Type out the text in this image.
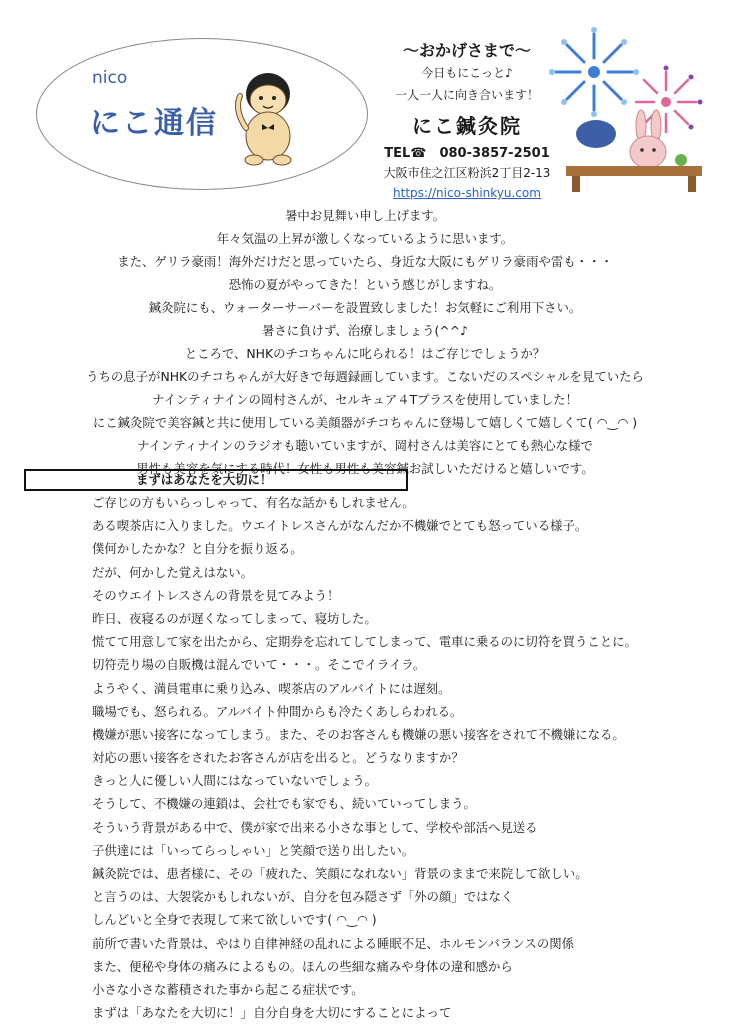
nico
にこ通信
〜おかげさまで〜
今日もにこっと♪
一人一人に向き合います！
にこ鍼灸院
TEL☎　080-3857-2501
大阪市住之江区粉浜2丁目2-13
https://nico-shinkyu.com
暑中お見舞い申し上げます。
年々気温の上昇が激しくなっているように思います。
また、ゲリラ豪雨！海外だけだと思っていたら、身近な大阪にもゲリラ豪雨や雷も・・・
恐怖の夏がやってきた！という感じがしますね。
鍼灸院にも、ウォーターサーバーを設置致しました！お気軽にご利用下さい。
暑さに負けず、治療しましょう(^^♪
ところで、NHKのチコちゃんに叱られる！はご存じでしょうか？
うちの息子がNHKのチコちゃんが大好きで毎週録画しています。こないだのスペシャルを見ていたら
ナインティナインの岡村さんが、セルキュア４Tプラスを使用していました！
にこ鍼灸院で美容鍼と共に使用している美顔器がチコちゃんに登場して嬉しくて嬉しくて( ◠‿◠ )
ナインティナインのラジオも聴いていますが、岡村さんは美容にとても熱心な様で
男性も美容を気にする時代！女性も男性も美容鍼お試しいただけると嬉しいです。
まずはあなたを大切に！
ご存じの方もいらっしゃって、有名な話かもしれません。
ある喫茶店に入りました。ウエイトレスさんがなんだか不機嫌でとても怒っている様子。
僕何かしたかな？と自分を振り返る。
だが、何かした覚えはない。
そのウエイトレスさんの背景を見てみよう！
昨日、夜寝るのが遅くなってしまって、寝坊した。
慌てて用意して家を出たから、定期券を忘れてしてしまって、電車に乗るのに切符を買うことに。
切符売り場の自販機は混んでいて・・・。そこでイライラ。
ようやく、満員電車に乗り込み、喫茶店のアルバイトには遅刻。
職場でも、怒られる。アルバイト仲間からも冷たくあしらわれる。
機嫌が悪い接客になってしまう。また、そのお客さんも機嫌の悪い接客をされて不機嫌になる。
対応の悪い接客をされたお客さんが店を出ると。どうなりますか？
きっと人に優しい人間にはなっていないでしょう。
そうして、不機嫌の連鎖は、会社でも家でも、続いていってしまう。
そういう背景がある中で、僕が家で出来る小さな事として、学校や部活へ見送る
子供達には「いってらっしゃい」と笑顔で送り出したい。
鍼灸院では、患者様に、その「疲れた、笑顔になれない」背景のままで来院して欲しい。
と言うのは、大袈裟かもしれないが、自分を包み隠さず「外の顔」ではなく
しんどいと全身で表現して来て欲しいです( ◠‿◠ )
前所で書いた背景は、やはり自律神経の乱れによる睡眠不足、ホルモンバランスの関係
また、便秘や身体の痛みによるもの。ほんの些細な痛みや身体の違和感から
小さな小さな蓄積された事から起こる症状です。
まずは「あなたを大切に！」自分自身を大切にすることによって
